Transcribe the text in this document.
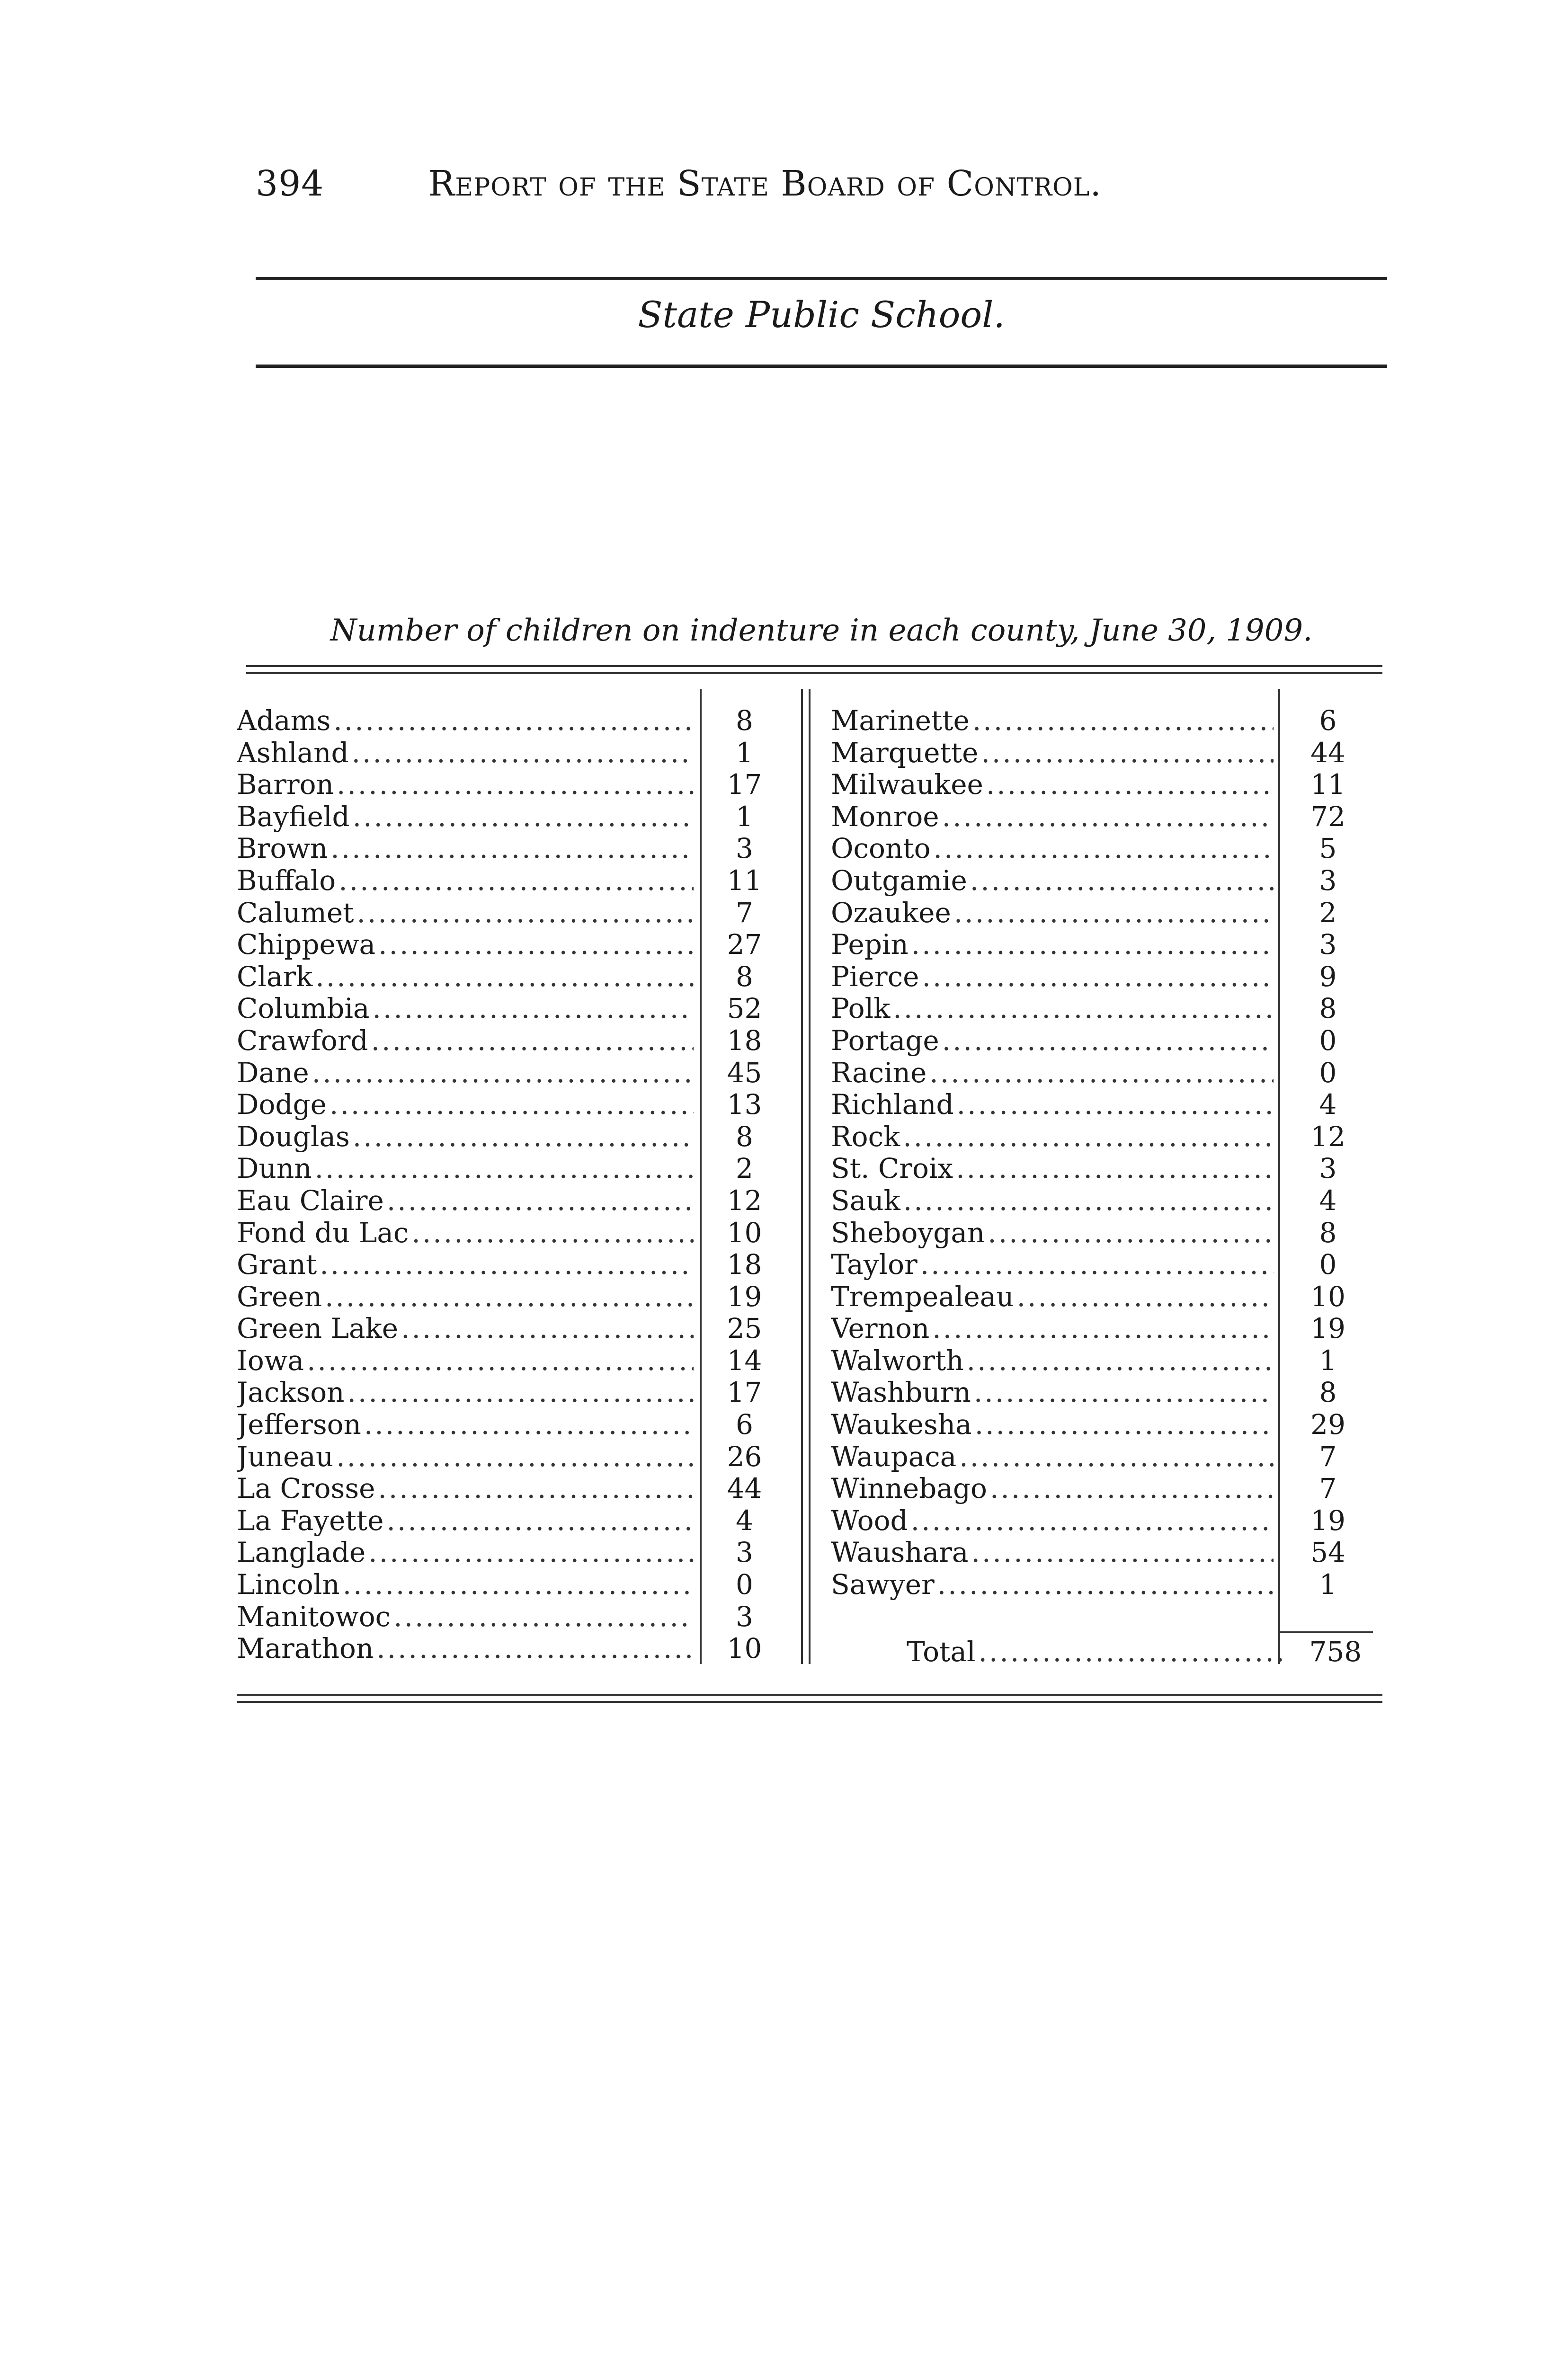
394	Report of the State Board of Control.
State Public School.
Number of children on indenture in each county, June 30, 1909.
Adams .....	8
Ashland .....	1
Barron .....	17
Bayfield .....	1
Brown .....	3
Buffalo .....	11
Calumet .....	7
Chippewa .....	27
Clark .....	8
Columbia .....	52
Crawford .....	18
Dane .....	45
Dodge .....	13
Douglas .....	8
Dunn .....	2
Eau Claire .....	12
Fond du Lac .....	10
Grant .....	18
Green .....	19
Green Lake .....	25
Iowa .....	14
Jackson .....	17
Jefferson .....	6
Juneau .....	26
La Crosse .....	44
La Fayette .....	4
Langlade .....	3
Lincoln .....	0
Manitowoc .....	3
Marathon .....	10
Marinette .....	6
Marquette .....	44
Milwaukee .....	11
Monroe .....	72
Oconto .....	5
Outgamie .....	3
Ozaukee .....	2
Pepin .....	3
Pierce .....	9
Polk .....	8
Portage .....	0
Racine .....	0
Richland .....	4
Rock .....	12
St. Croix .....	3
Sauk .....	4
Sheboygan .....	8
Taylor .....	0
Trempealeau .....	10
Vernon .....	19
Walworth .....	1
Washburn .....	8
Waukesha .....	29
Waupaca .....	7
Winnebago .....	7
Wood .....	19
Waushara .....	54
Sawyer .....	1
Total .....	758
